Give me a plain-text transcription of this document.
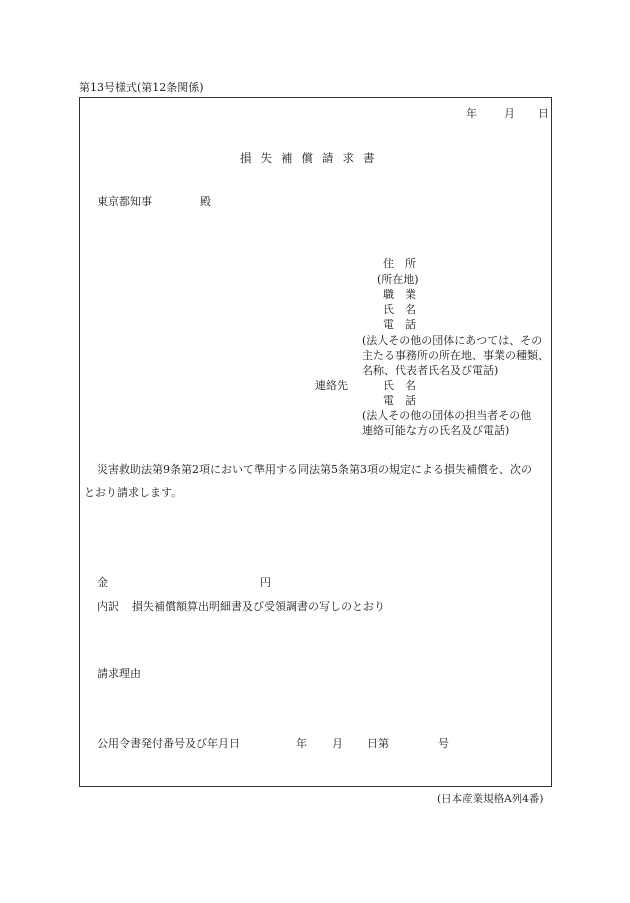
第13号様式(第12条関係)
年 月 日
損失補償請求書
東京都知事	殿
住　所
(所在地)
職　業
氏　名
電　話
(法人その他の団体にあつては、その
主たる事務所の所在地、事業の種類、
名称、代表者氏名及び電話)
連絡先	氏　名
電　話
(法人その他の団体の担当者その他
連絡可能な方の氏名及び電話)
災害救助法第9条第2項において準用する同法第5条第3項の規定による損失補償を、次の
とおり請求します。
金	円
内訳 損失補償額算出明細書及び受領調書の写しのとおり
請求理由
公用令書発付番号及び年月日	年 月 日第	号
(日本産業規格A列4番)
